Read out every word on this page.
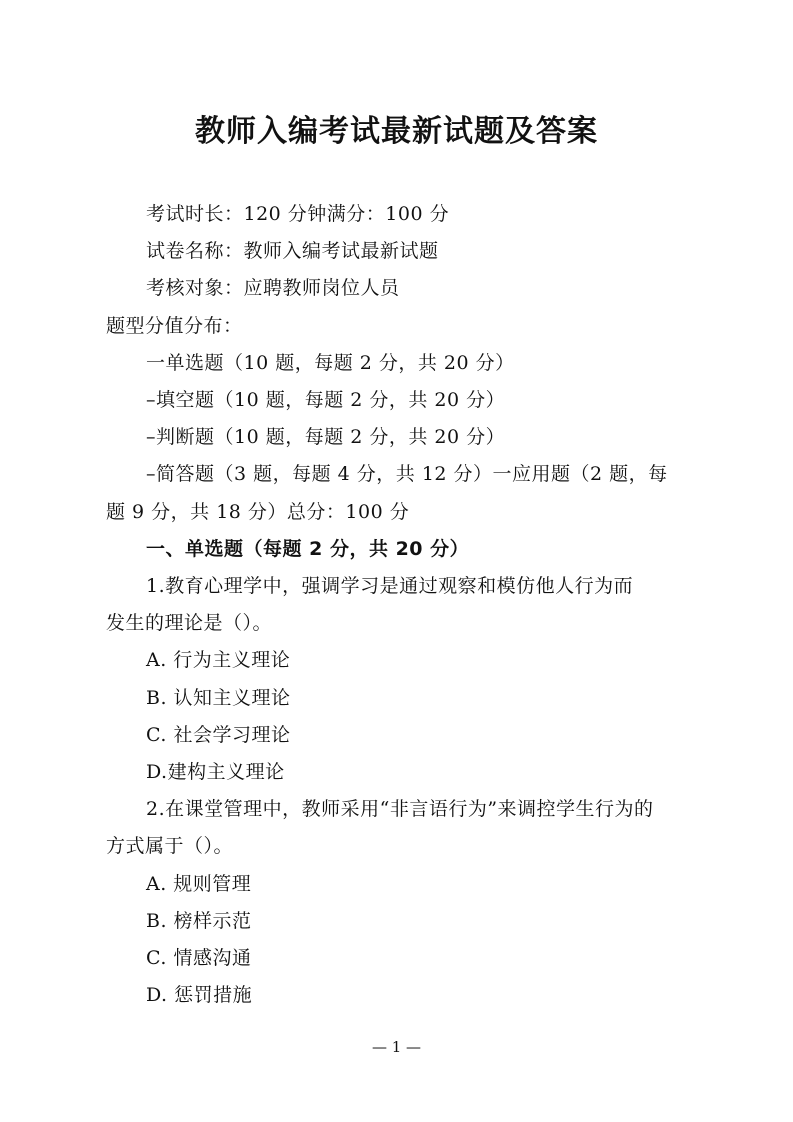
教师入编考试最新试题及答案
考试时长：120 分钟满分：100 分
试卷名称：教师入编考试最新试题
考核对象：应聘教师岗位人员
题型分值分布：
一单选题（10 题，每题 2 分，共 20 分）
–填空题（10 题，每题 2 分，共 20 分）
–判断题（10 题，每题 2 分，共 20 分）
–简答题（3 题，每题 4 分，共 12 分）一应用题（2 题，每
题 9 分，共 18 分）总分：100 分
一、单选题（每题 2 分，共 20 分）
1.教育心理学中，强调学习是通过观察和模仿他人行为而
发生的理论是（）。
A. 行为主义理论
B. 认知主义理论
C. 社会学习理论
D.建构主义理论
2.在课堂管理中，教师采用“非言语行为”来调控学生行为的
方式属于（）。
A. 规则管理
B. 榜样示范
C. 情感沟通
D. 惩罚措施
— 1 —
